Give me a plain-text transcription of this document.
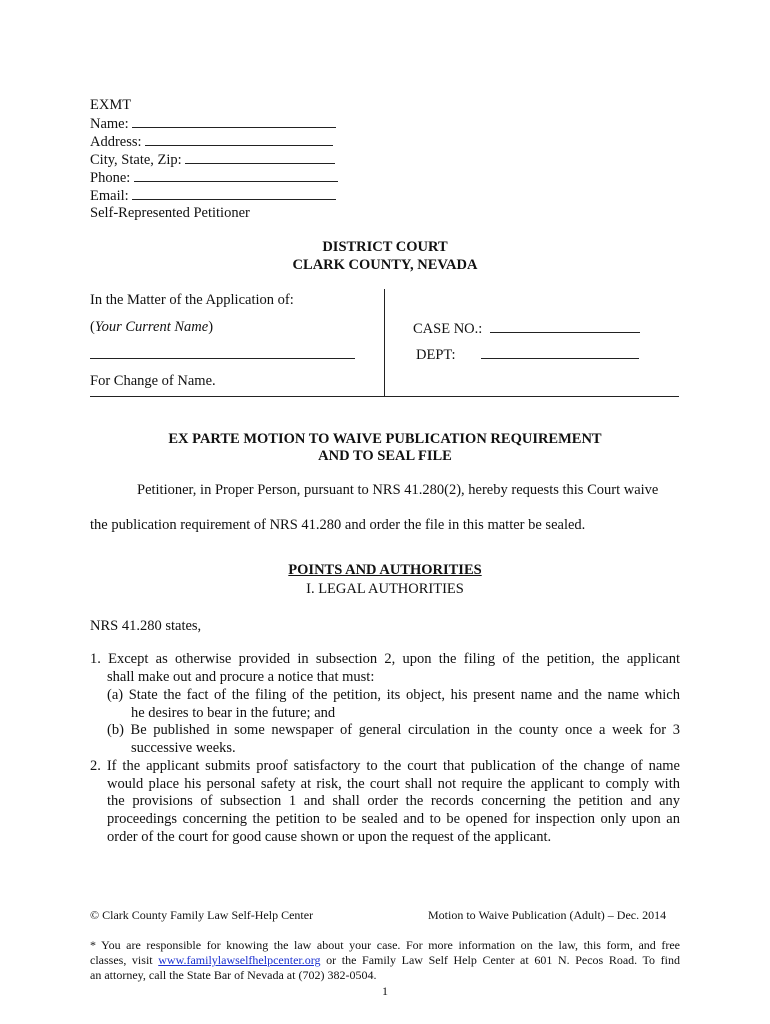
EXMT
Name:
Address:
City, State, Zip:
Phone:
Email:
Self-Represented Petitioner
DISTRICT COURT
CLARK COUNTY, NEVADA
In the Matter of the Application of:
(Your Current Name)
For Change of Name.
CASE NO.:
DEPT:
EX PARTE MOTION TO WAIVE PUBLICATION REQUIREMENT
AND TO SEAL FILE
Petitioner, in Proper Person, pursuant to NRS 41.280(2), hereby requests this Court waive
the publication requirement of NRS 41.280 and order the file in this matter be sealed.
POINTS AND AUTHORITIES
I. LEGAL AUTHORITIES
NRS 41.280 states,
1. Except as otherwise provided in subsection 2, upon the filing of the petition, the applicant
shall make out and procure a notice that must:
(a) State the fact of the filing of the petition, its object, his present name and the name which
he desires to bear in the future; and
(b) Be published in some newspaper of general circulation in the county once a week for 3
successive weeks.
2. If the applicant submits proof satisfactory to the court that publication of the change of name
would place his personal safety at risk, the court shall not require the applicant to comply with
the provisions of subsection 1 and shall order the records concerning the petition and any
proceedings concerning the petition to be sealed and to be opened for inspection only upon an
order of the court for good cause shown or upon the request of the applicant.
© Clark County Family Law Self-Help Center	Motion to Waive Publication (Adult) – Dec. 2014
* You are responsible for knowing the law about your case. For more information on the law, this form, and free
classes, visit www.familylawselfhelpcenter.org or the Family Law Self Help Center at 601 N. Pecos Road. To find
an attorney, call the State Bar of Nevada at (702) 382-0504.
1
